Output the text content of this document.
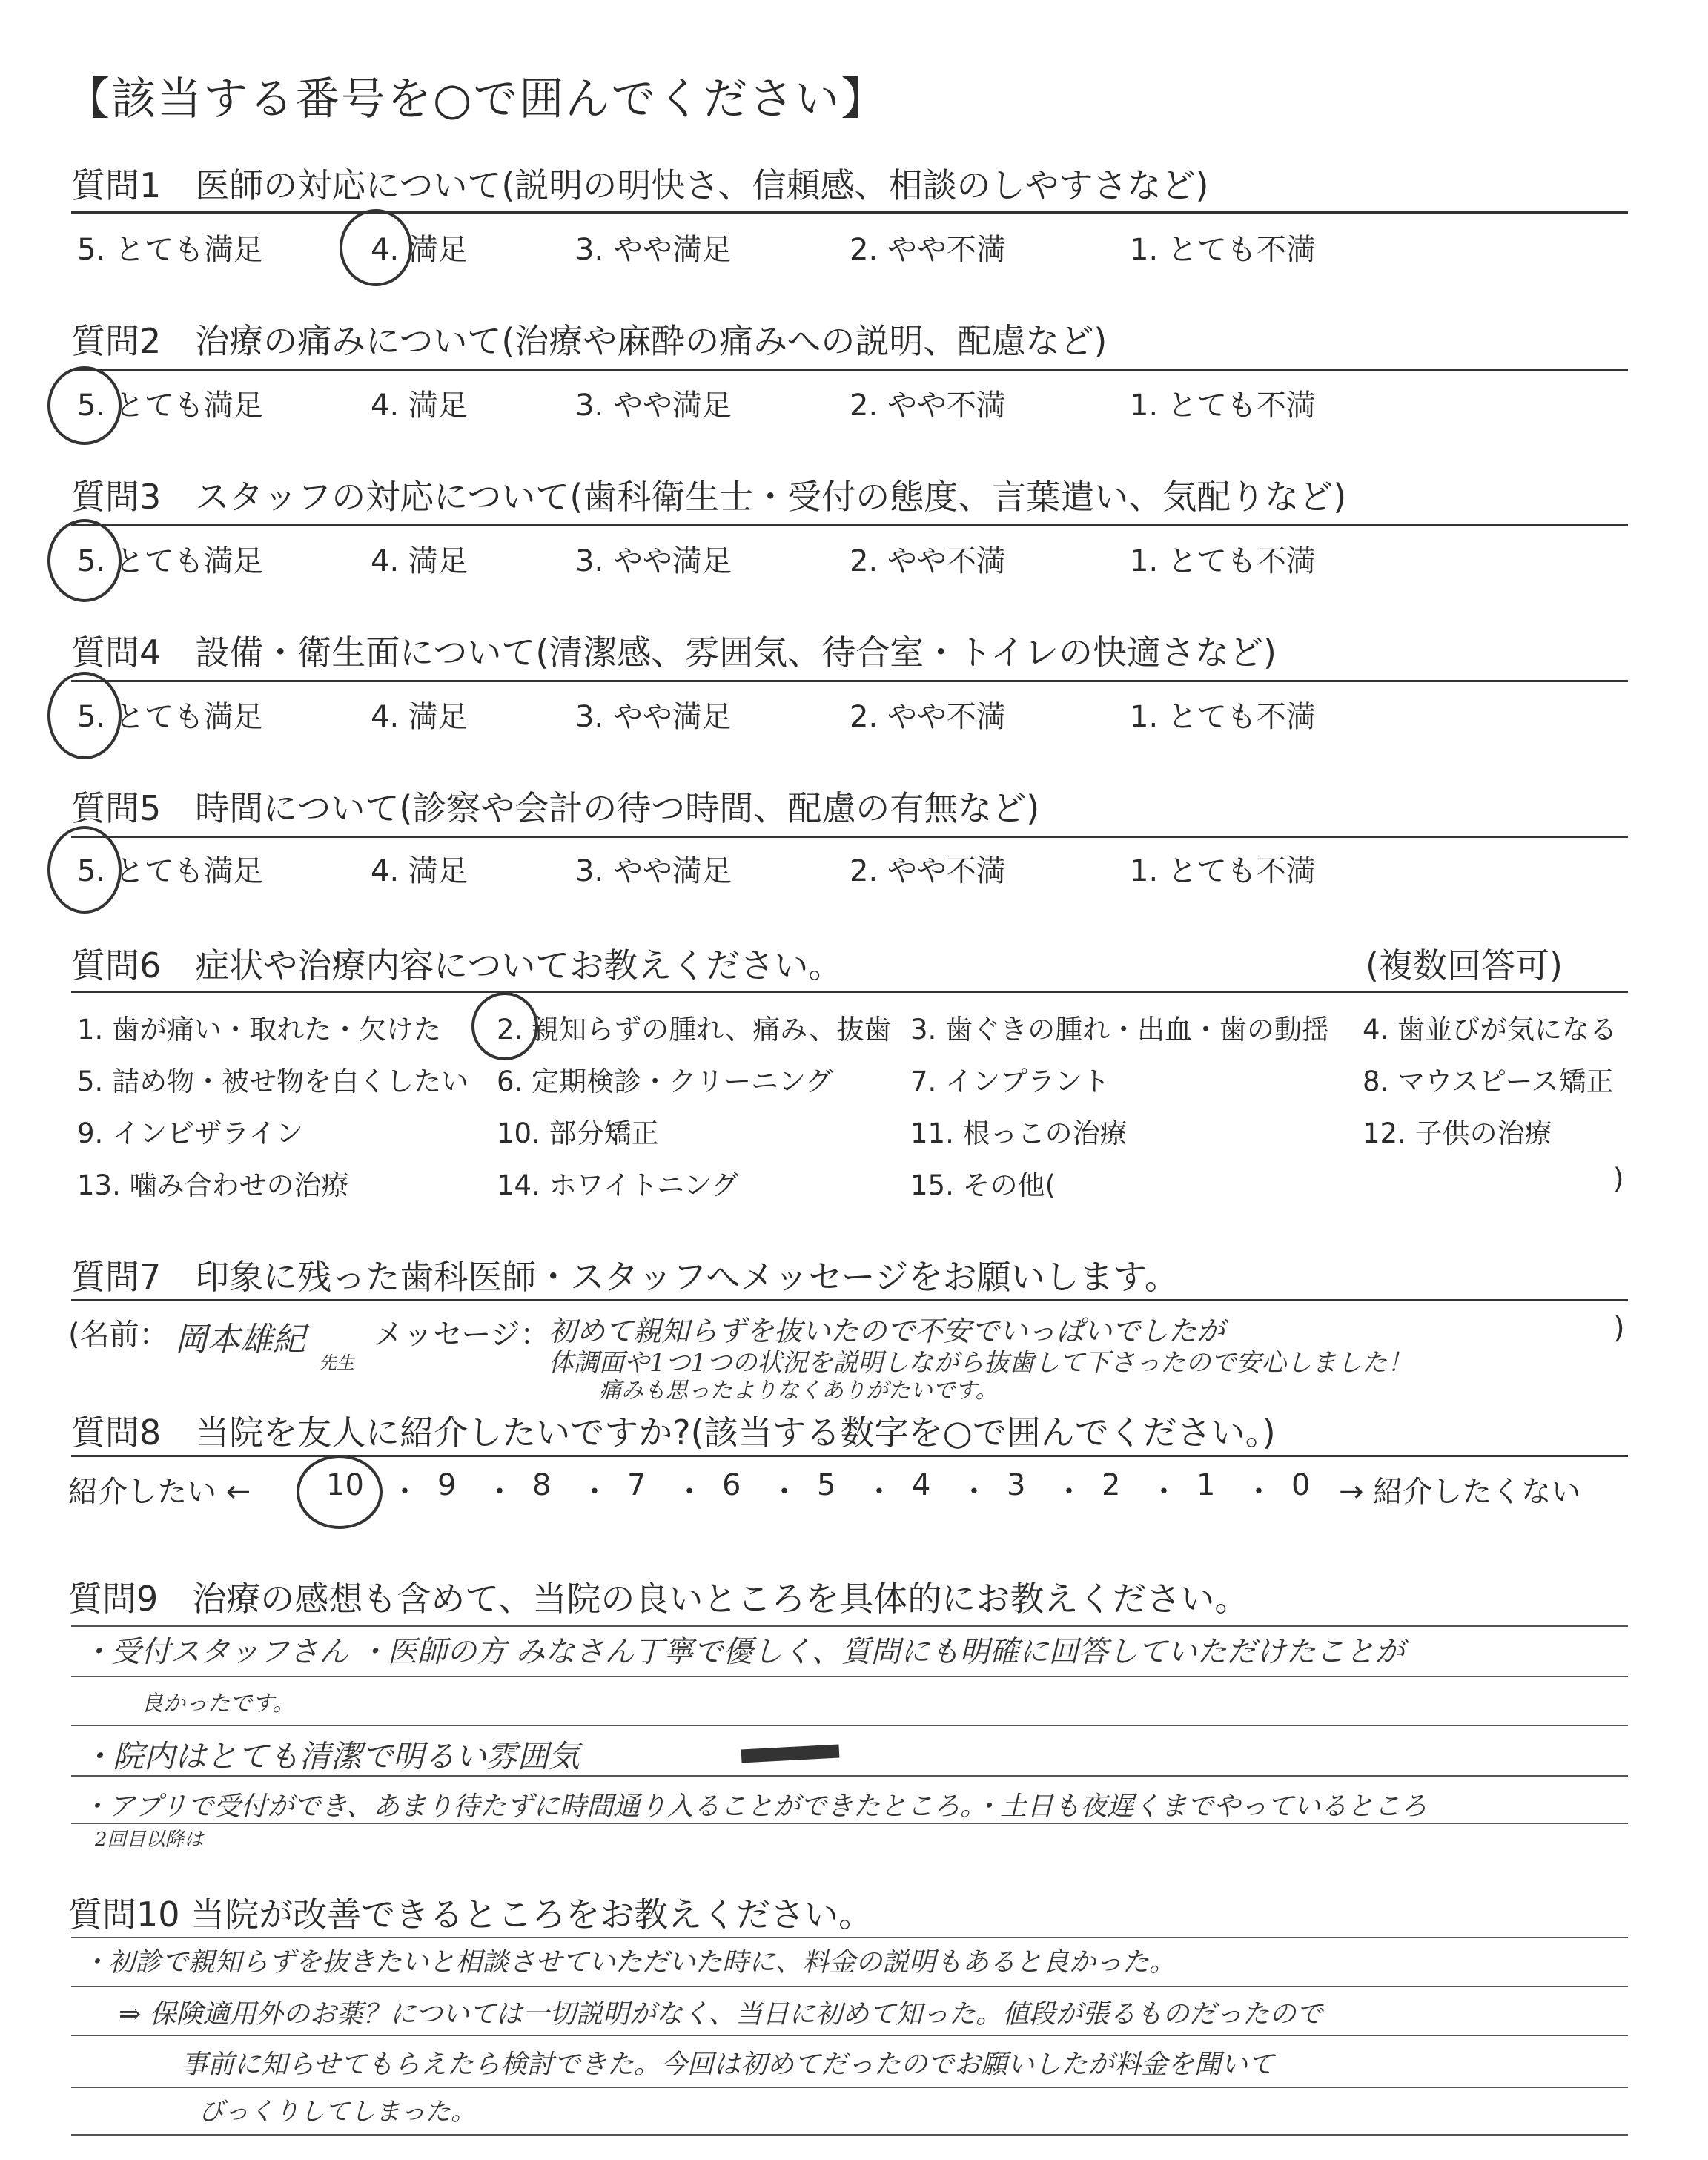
【該当する番号を○で囲んでください】
質問1　医師の対応について(説明の明快さ、信頼感、相談のしやすさなど)
5. とても満足	4. 満足	3. やや満足	2. やや不満	1. とても不満
質問2　治療の痛みについて(治療や麻酔の痛みへの説明、配慮など)
5. とても満足	4. 満足	3. やや満足	2. やや不満	1. とても不満
質問3　スタッフの対応について(歯科衛生士・受付の態度、言葉遣い、気配りなど)
5. とても満足	4. 満足	3. やや満足	2. やや不満	1. とても不満
質問4　設備・衛生面について(清潔感、雰囲気、待合室・トイレの快適さなど)
5. とても満足	4. 満足	3. やや満足	2. やや不満	1. とても不満
質問5　時間について(診察や会計の待つ時間、配慮の有無など)
5. とても満足	4. 満足	3. やや満足	2. やや不満	1. とても不満
質問6　症状や治療内容についてお教えください。	(複数回答可)
1. 歯が痛い・取れた・欠けた 2. 親知らずの腫れ、痛み、抜歯 3. 歯ぐきの腫れ・出血・歯の動揺 4. 歯並びが気になる
5. 詰め物・被せ物を白くしたい 6. 定期検診・クリーニング	7. インプラント	8. マウスピース矯正
9. インビザライン	10. 部分矯正	11. 根っこの治療	12. 子供の治療
13. 噛み合わせの治療	14. ホワイトニング	15. その他(	)
質問7　印象に残った歯科医師・スタッフへメッセージをお願いします。
(名前： 岡本雄紀
先生
メッセージ：
初めて親知らずを抜いたので不安でいっぱいでしたが
体調面や1つ1つの状況を説明しながら抜歯して下さったので安心しました！
痛みも思ったよりなくありがたいです。
)
質問8　当院を友人に紹介したいですか?(該当する数字を○で囲んでください。)
紹介したい ←	10 ・ 9 ・ 8 ・ 7 ・ 6 ・ 5 ・ 4 ・ 3 ・ 2 ・ 1 ・ 0 → 紹介したくない
質問9　治療の感想も含めて、当院の良いところを具体的にお教えください。
・受付スタッフさん ・医師の方 みなさん丁寧で優しく、質問にも明確に回答していただけたことが
良かったです。
・院内はとても清潔で明るい雰囲気
・アプリで受付ができ、あまり待たずに時間通り入ることができたところ。・土日も夜遅くまでやっているところ
2回目以降は
質問10 当院が改善できるところをお教えください。
・初診で親知らずを抜きたいと相談させていただいた時に、料金の説明もあると良かった。
⇒ 保険適用外のお薬？については一切説明がなく、当日に初めて知った。値段が張るものだったので
事前に知らせてもらえたら検討できた。今回は初めてだったのでお願いしたが料金を聞いて
びっくりしてしまった。
